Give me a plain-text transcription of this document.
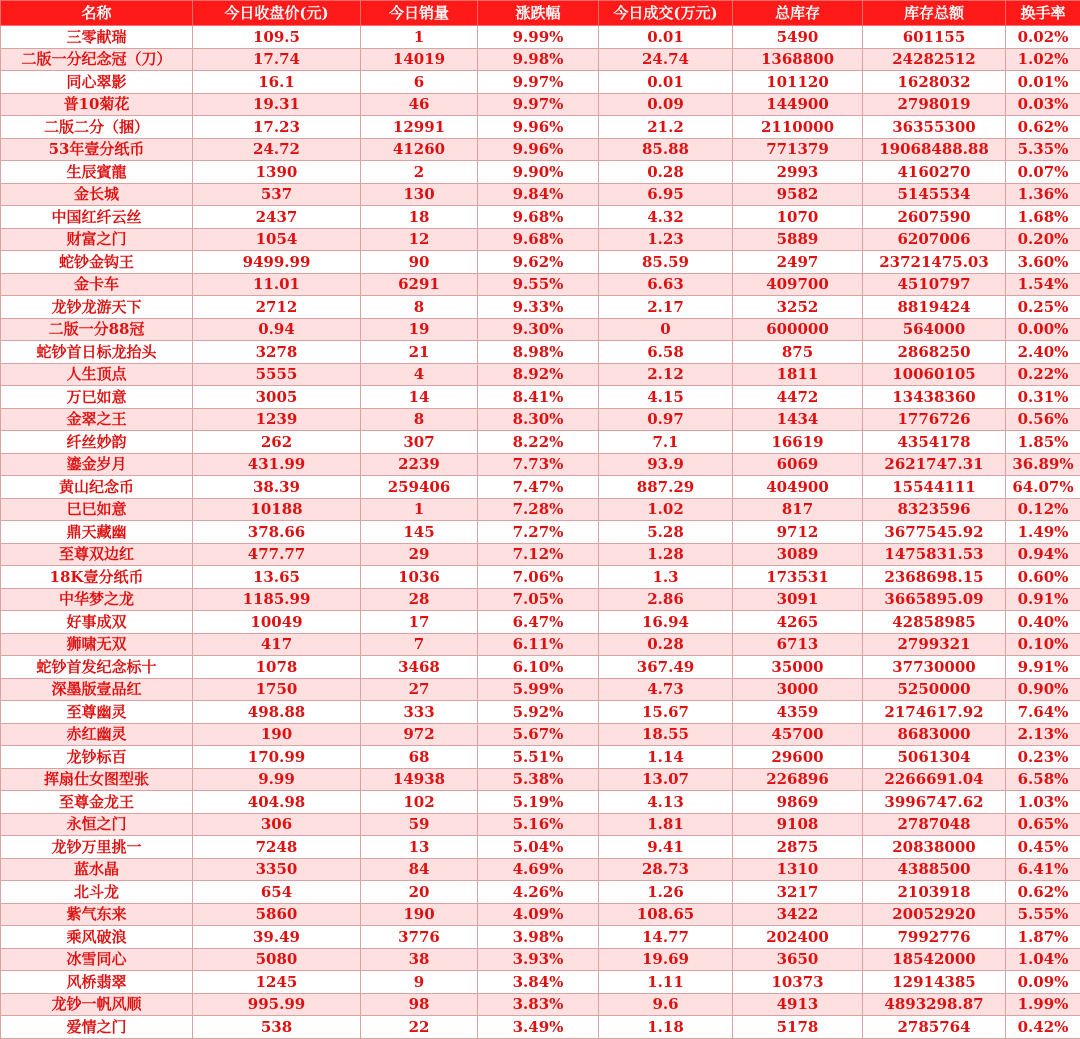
名称	今日收盘价(元)	今日销量	涨跌幅	今日成交(万元)	总库存	库存总额	换手率
三零献瑞	109.5	1	9.99%	0.01	5490	601155	0.02%
二版一分纪念冠（刀）	17.74	14019	9.98%	24.74	1368800	24282512	1.02%
同心翠影	16.1	6	9.97%	0.01	101120	1628032	0.01%
普10菊花	19.31	46	9.97%	0.09	144900	2798019	0.03%
二版二分（捆）	17.23	12991	9.96%	21.2	2110000	36355300	0.62%
53年壹分纸币	24.72	41260	9.96%	85.88	771379	19068488.88	5.35%
生辰賓龍	1390	2	9.90%	0.28	2993	4160270	0.07%
金长城	537	130	9.84%	6.95	9582	5145534	1.36%
中国红纤云丝	2437	18	9.68%	4.32	1070	2607590	1.68%
财富之门	1054	12	9.68%	1.23	5889	6207006	0.20%
蛇钞金钩王	9499.99	90	9.62%	85.59	2497	23721475.03	3.60%
金卡车	11.01	6291	9.55%	6.63	409700	4510797	1.54%
龙钞龙游天下	2712	8	9.33%	2.17	3252	8819424	0.25%
二版一分88冠	0.94	19	9.30%	0	600000	564000	0.00%
蛇钞首日标龙抬头	3278	21	8.98%	6.58	875	2868250	2.40%
人生顶点	5555	4	8.92%	2.12	1811	10060105	0.22%
万巳如意	3005	14	8.41%	4.15	4472	13438360	0.31%
金翠之王	1239	8	8.30%	0.97	1434	1776726	0.56%
纤丝妙韵	262	307	8.22%	7.1	16619	4354178	1.85%
鎏金岁月	431.99	2239	7.73%	93.9	6069	2621747.31	36.89%
黄山纪念币	38.39	259406	7.47%	887.29	404900	15544111	64.07%
巳巳如意	10188	1	7.28%	1.02	817	8323596	0.12%
鼎天藏幽	378.66	145	7.27%	5.28	9712	3677545.92	1.49%
至尊双边红	477.77	29	7.12%	1.28	3089	1475831.53	0.94%
18K壹分纸币	13.65	1036	7.06%	1.3	173531	2368698.15	0.60%
中华梦之龙	1185.99	28	7.05%	2.86	3091	3665895.09	0.91%
好事成双	10049	17	6.47%	16.94	4265	42858985	0.40%
狮啸无双	417	7	6.11%	0.28	6713	2799321	0.10%
蛇钞首发纪念标十	1078	3468	6.10%	367.49	35000	37730000	9.91%
深墨版壹品红	1750	27	5.99%	4.73	3000	5250000	0.90%
至尊幽灵	498.88	333	5.92%	15.67	4359	2174617.92	7.64%
赤红幽灵	190	972	5.67%	18.55	45700	8683000	2.13%
龙钞标百	170.99	68	5.51%	1.14	29600	5061304	0.23%
挥扇仕女图型张	9.99	14938	5.38%	13.07	226896	2266691.04	6.58%
至尊金龙王	404.98	102	5.19%	4.13	9869	3996747.62	1.03%
永恒之门	306	59	5.16%	1.81	9108	2787048	0.65%
龙钞万里挑一	7248	13	5.04%	9.41	2875	20838000	0.45%
蓝水晶	3350	84	4.69%	28.73	1310	4388500	6.41%
北斗龙	654	20	4.26%	1.26	3217	2103918	0.62%
紫气东来	5860	190	4.09%	108.65	3422	20052920	5.55%
乘风破浪	39.49	3776	3.98%	14.77	202400	7992776	1.87%
冰雪同心	5080	38	3.93%	19.69	3650	18542000	1.04%
风桥翡翠	1245	9	3.84%	1.11	10373	12914385	0.09%
龙钞一帆风顺	995.99	98	3.83%	9.6	4913	4893298.87	1.99%
爱情之门	538	22	3.49%	1.18	5178	2785764	0.42%
